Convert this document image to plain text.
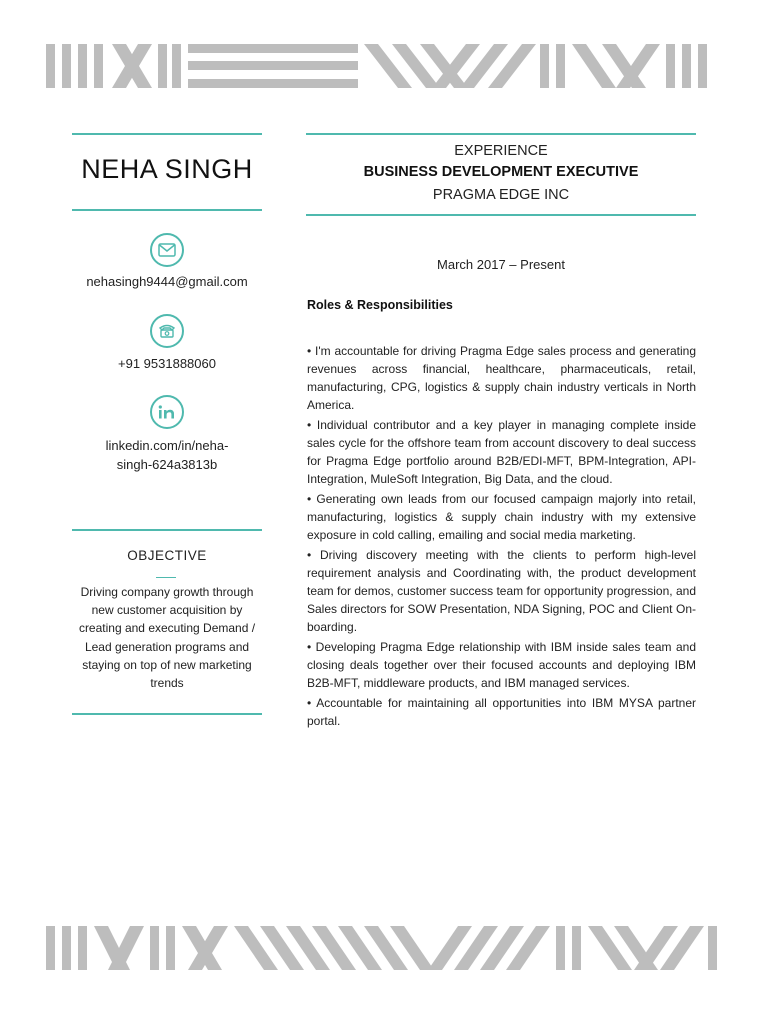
NEHA SINGH
nehasingh9444@gmail.com
+91 9531888060
linkedin.com/in/neha-singh-624a3813b
OBJECTIVE
Driving company growth through new customer acquisition by creating and executing Demand / Lead generation programs and staying on top of new marketing trends
EXPERIENCE
BUSINESS DEVELOPMENT EXECUTIVE
PRAGMA EDGE INC
March 2017 – Present
Roles & Responsibilities

• I'm accountable for driving Pragma Edge sales process and generating revenues across financial, healthcare, pharmaceuticals, retail, manufacturing, CPG, logistics & supply chain industry verticals in North America.

• Individual contributor and a key player in managing complete inside sales cycle for the offshore team from account discovery to deal success for Pragma Edge portfolio around B2B/EDI-MFT, BPM-Integration, API-Integration, MuleSoft Integration, Big Data, and the cloud.

• Generating own leads from our focused campaign majorly into retail, manufacturing, logistics & supply chain industry with my extensive exposure in cold calling, emailing and social media marketing.

• Driving discovery meeting with the clients to perform high-level requirement analysis and Coordinating with, the product development team for demos, customer success team for opportunity progression, and Sales directors for SOW Presentation, NDA Signing, POC and Client On-boarding.

• Developing Pragma Edge relationship with IBM inside sales team and closing deals together over their focused accounts and deploying IBM B2B-MFT, middleware products, and IBM managed services.

• Accountable for maintaining all opportunities into IBM MYSA partner portal.
